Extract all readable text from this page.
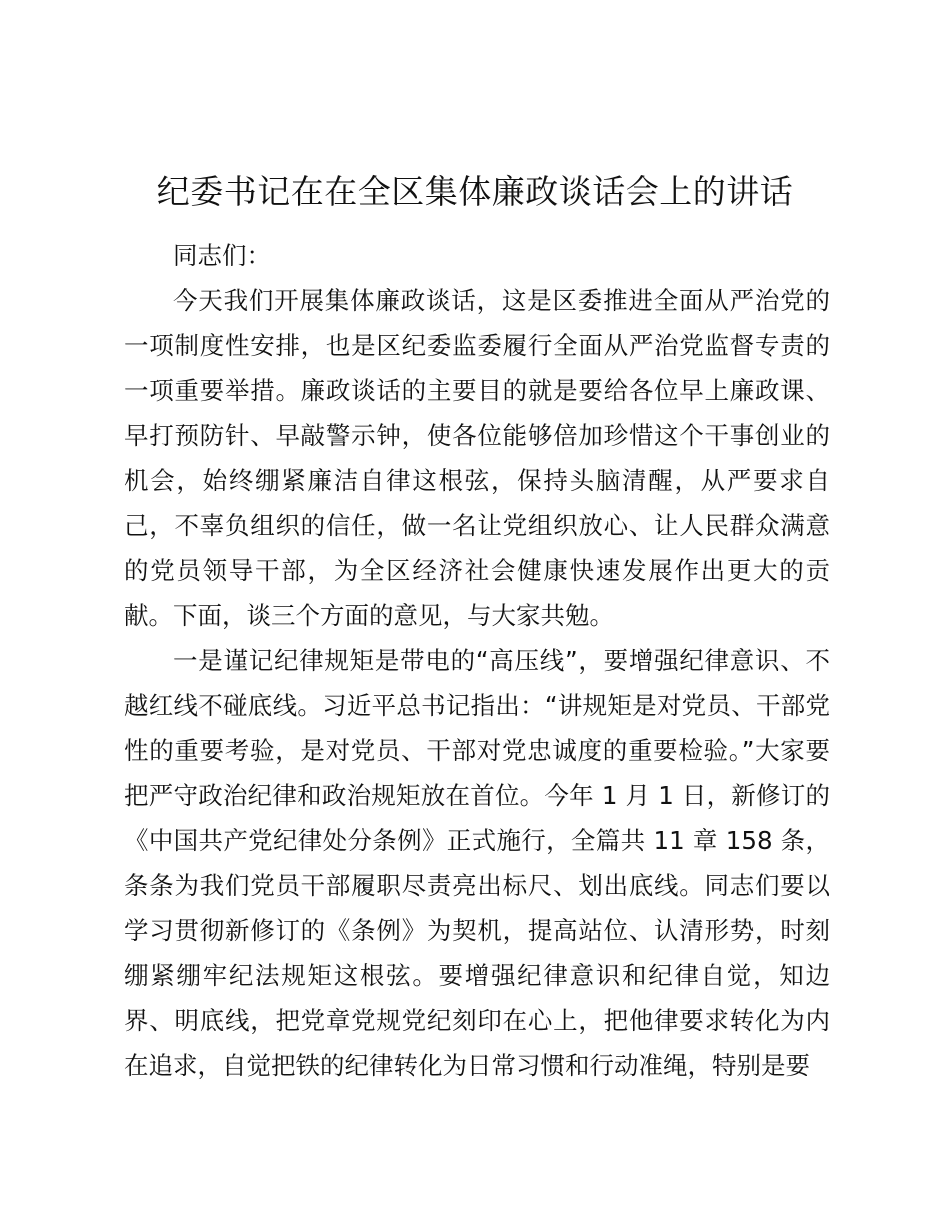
纪委书记在在全区集体廉政谈话会上的讲话

同志们：

今天我们开展集体廉政谈话，这是区委推进全面从严治党的一项制度性安排，也是区纪委监委履行全面从严治党监督专责的一项重要举措。廉政谈话的主要目的就是要给各位早上廉政课、早打预防针、早敲警示钟，使各位能够倍加珍惜这个干事创业的机会，始终绷紧廉洁自律这根弦，保持头脑清醒，从严要求自己，不辜负组织的信任，做一名让党组织放心、让人民群众满意的党员领导干部，为全区经济社会健康快速发展作出更大的贡献。下面，谈三个方面的意见，与大家共勉。

一是谨记纪律规矩是带电的“高压线”，要增强纪律意识、不越红线不碰底线。习近平总书记指出：“讲规矩是对党员、干部党性的重要考验，是对党员、干部对党忠诚度的重要检验。”大家要把严守政治纪律和政治规矩放在首位。今年 1 月 1 日，新修订的《中国共产党纪律处分条例》正式施行，全篇共 11 章 158 条，条条为我们党员干部履职尽责亮出标尺、划出底线。同志们要以学习贯彻新修订的《条例》为契机，提高站位、认清形势，时刻绷紧绷牢纪法规矩这根弦。要增强纪律意识和纪律自觉，知边界、明底线，把党章党规党纪刻印在心上，把他律要求转化为内在追求，自觉把铁的纪律转化为日常习惯和行动准绳，特别是要
